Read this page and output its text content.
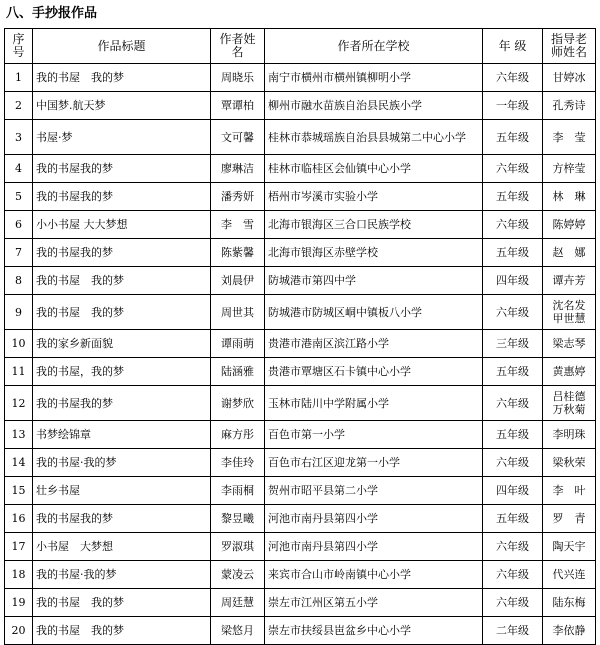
八、手抄报作品
序号	作品标题	作者姓名	作者所在学校	年 级	指导老师姓名
1	我的书屋　我的梦	周晓乐	南宁市横州市横州镇柳明小学	六年级	甘婷冰
2	中国梦.航天梦	覃谭柏	柳州市融水苗族自治县民族小学	一年级	孔秀诗
3	书屋·梦	文可馨	桂林市恭城瑶族自治县县城第二中心小学	五年级	李　莹
4	我的书屋我的梦	廖琳洁	桂林市临桂区会仙镇中心小学	六年级	方梓莹
5	我的书屋我的梦	潘秀妍	梧州市岑溪市实验小学	五年级	林　琳
6	小小书屋 大大梦想	李　雪	北海市银海区三合口民族学校	六年级	陈婷婷
7	我的书屋我的梦	陈紫馨	北海市银海区赤壁学校	五年级	赵　娜
8	我的书屋　我的梦	刘晨伊	防城港市第四中学	四年级	谭卉芳
9	我的书屋　我的梦	周世其	防城港市防城区峒中镇板八小学	六年级	沈名发
甲世慧
10	我的家乡新面貌	谭雨萌	贵港市港南区滨江路小学	三年级	梁志琴
11	我的书屋，我的梦	陆涵雅	贵港市覃塘区石卡镇中心小学	五年级	黄惠婷
12	我的书屋我的梦	谢梦欣	玉林市陆川中学附属小学	六年级	吕桂德
万秋菊
13	书梦绘锦章	麻方彤	百色市第一小学	五年级	李明珠
14	我的书屋·我的梦	李佳玲	百色市右江区迎龙第一小学	六年级	梁秋荣
15	壮乡书屋	李雨桐	贺州市昭平县第二小学	四年级	李　叶
16	我的书屋我的梦	黎昱曦	河池市南丹县第四小学	五年级	罗　青
17	小书屋　大梦想	罗淑琪	河池市南丹县第四小学	六年级	陶天宇
18	我的书屋·我的梦	蒙凌云	来宾市合山市岭南镇中心小学	六年级	代兴连
19	我的书屋　我的梦	周廷慧	崇左市江州区第五小学	六年级	陆东梅
20	我的书屋　我的梦	梁悠月	崇左市扶绥县岜盆乡中心小学	二年级	李依静
